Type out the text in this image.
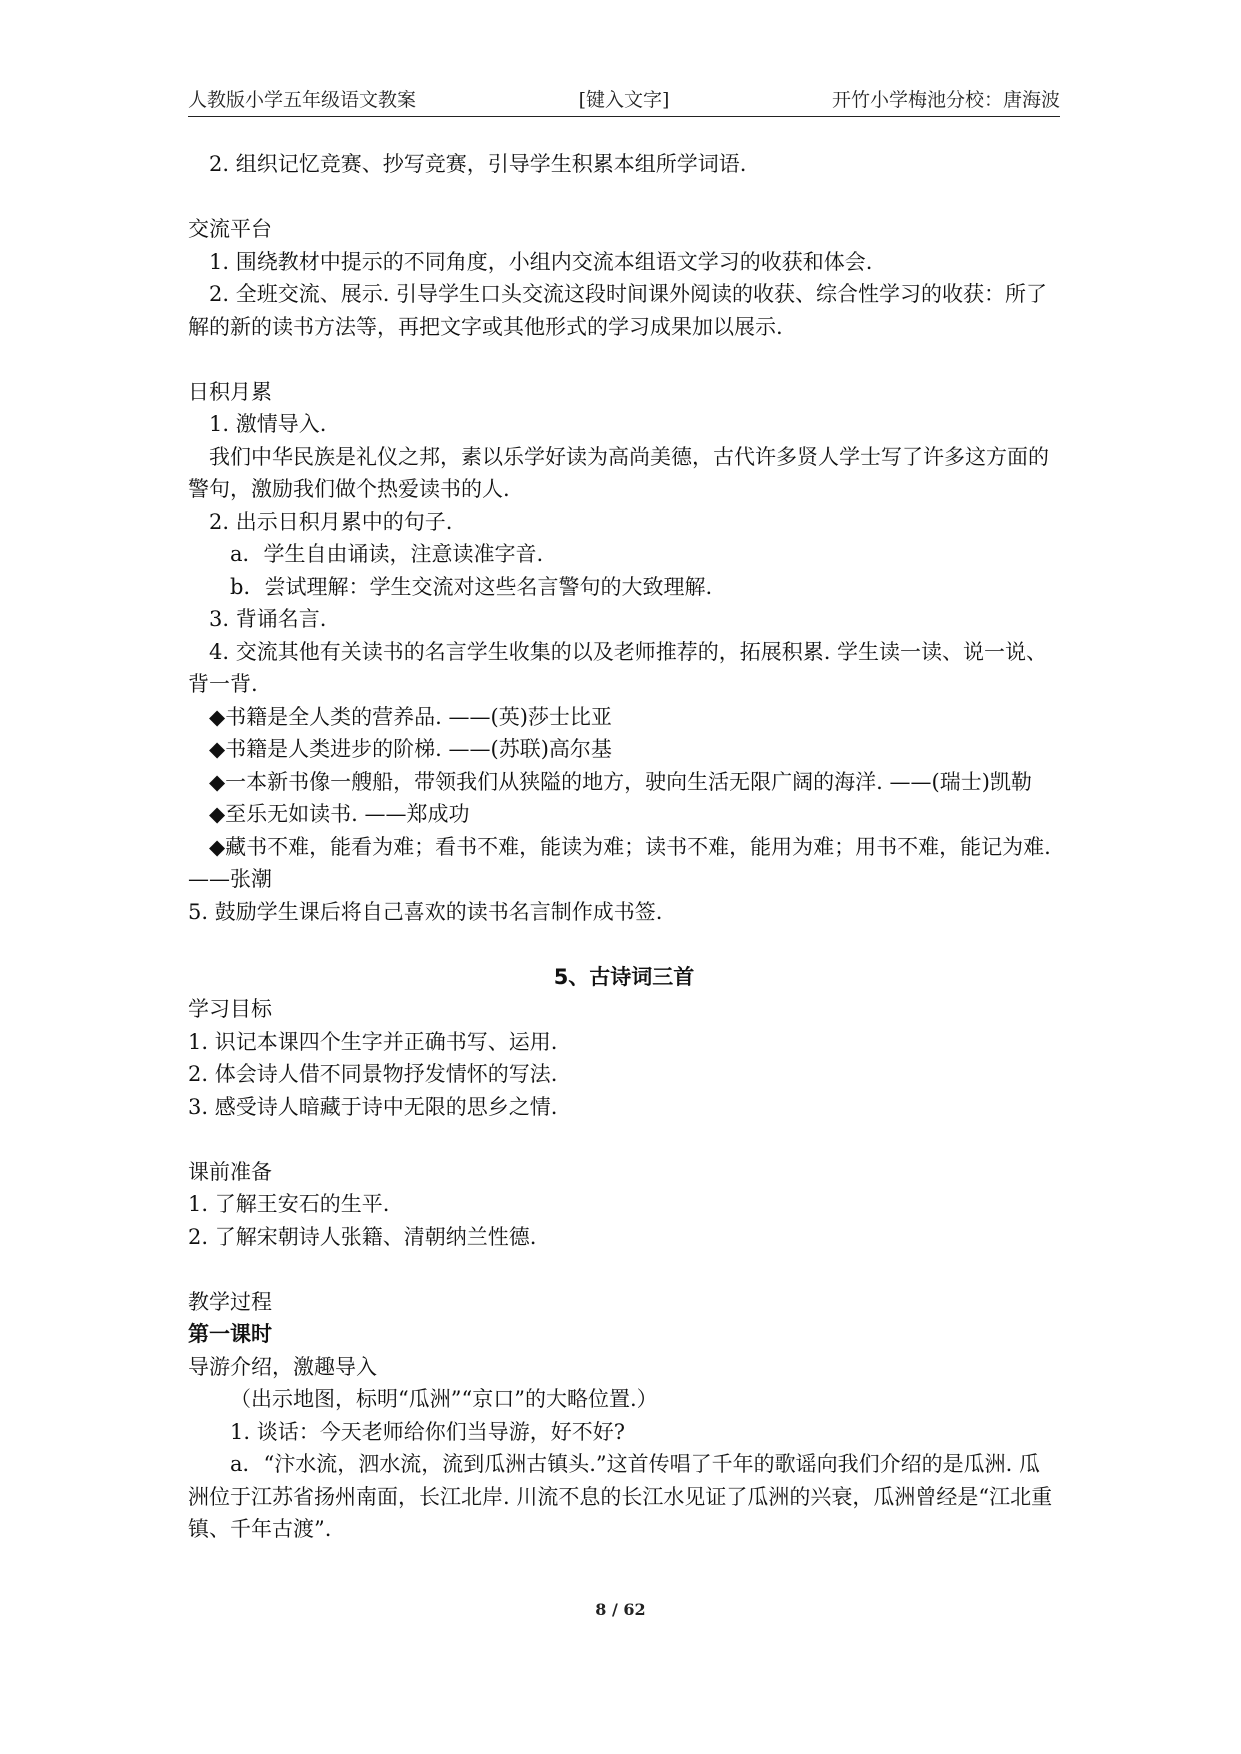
人教版小学五年级语文教案	[键入文字]	开竹小学梅池分校：唐海波
2. 组织记忆竞赛、抄写竞赛，引导学生积累本组所学词语.
交流平台
1. 围绕教材中提示的不同角度，小组内交流本组语文学习的收获和体会.
2. 全班交流、展示. 引导学生口头交流这段时间课外阅读的收获、综合性学习的收获：所了解的新的读书方法等，再把文字或其他形式的学习成果加以展示.
日积月累
1. 激情导入.
我们中华民族是礼仪之邦，素以乐学好读为高尚美德，古代许多贤人学士写了许多这方面的警句，激励我们做个热爱读书的人.
2. 出示日积月累中的句子.
a．学生自由诵读，注意读准字音.
b．尝试理解：学生交流对这些名言警句的大致理解.
3. 背诵名言.
4. 交流其他有关读书的名言学生收集的以及老师推荐的，拓展积累. 学生读一读、说一说、背一背.
◆书籍是全人类的营养品. ——(英)莎士比亚
◆书籍是人类进步的阶梯. ——(苏联)高尔基
◆一本新书像一艘船，带领我们从狭隘的地方，驶向生活无限广阔的海洋. ——(瑞士)凯勒
◆至乐无如读书. ——郑成功
◆藏书不难，能看为难；看书不难，能读为难；读书不难，能用为难；用书不难，能记为难. ——张潮
5. 鼓励学生课后将自己喜欢的读书名言制作成书签.
5、古诗词三首
学习目标
1. 识记本课四个生字并正确书写、运用.
2. 体会诗人借不同景物抒发情怀的写法.
3. 感受诗人暗藏于诗中无限的思乡之情.
课前准备
1. 了解王安石的生平.
2. 了解宋朝诗人张籍、清朝纳兰性德.
教学过程
第一课时
导游介绍，激趣导入
（出示地图，标明“瓜洲”“京口”的大略位置.）
1. 谈话：今天老师给你们当导游，好不好?
a．“汴水流，泗水流，流到瓜洲古镇头.”这首传唱了千年的歌谣向我们介绍的是瓜洲. 瓜洲位于江苏省扬州南面，长江北岸. 川流不息的长江水见证了瓜洲的兴衰，瓜洲曾经是“江北重镇、千年古渡”.
8 / 62
